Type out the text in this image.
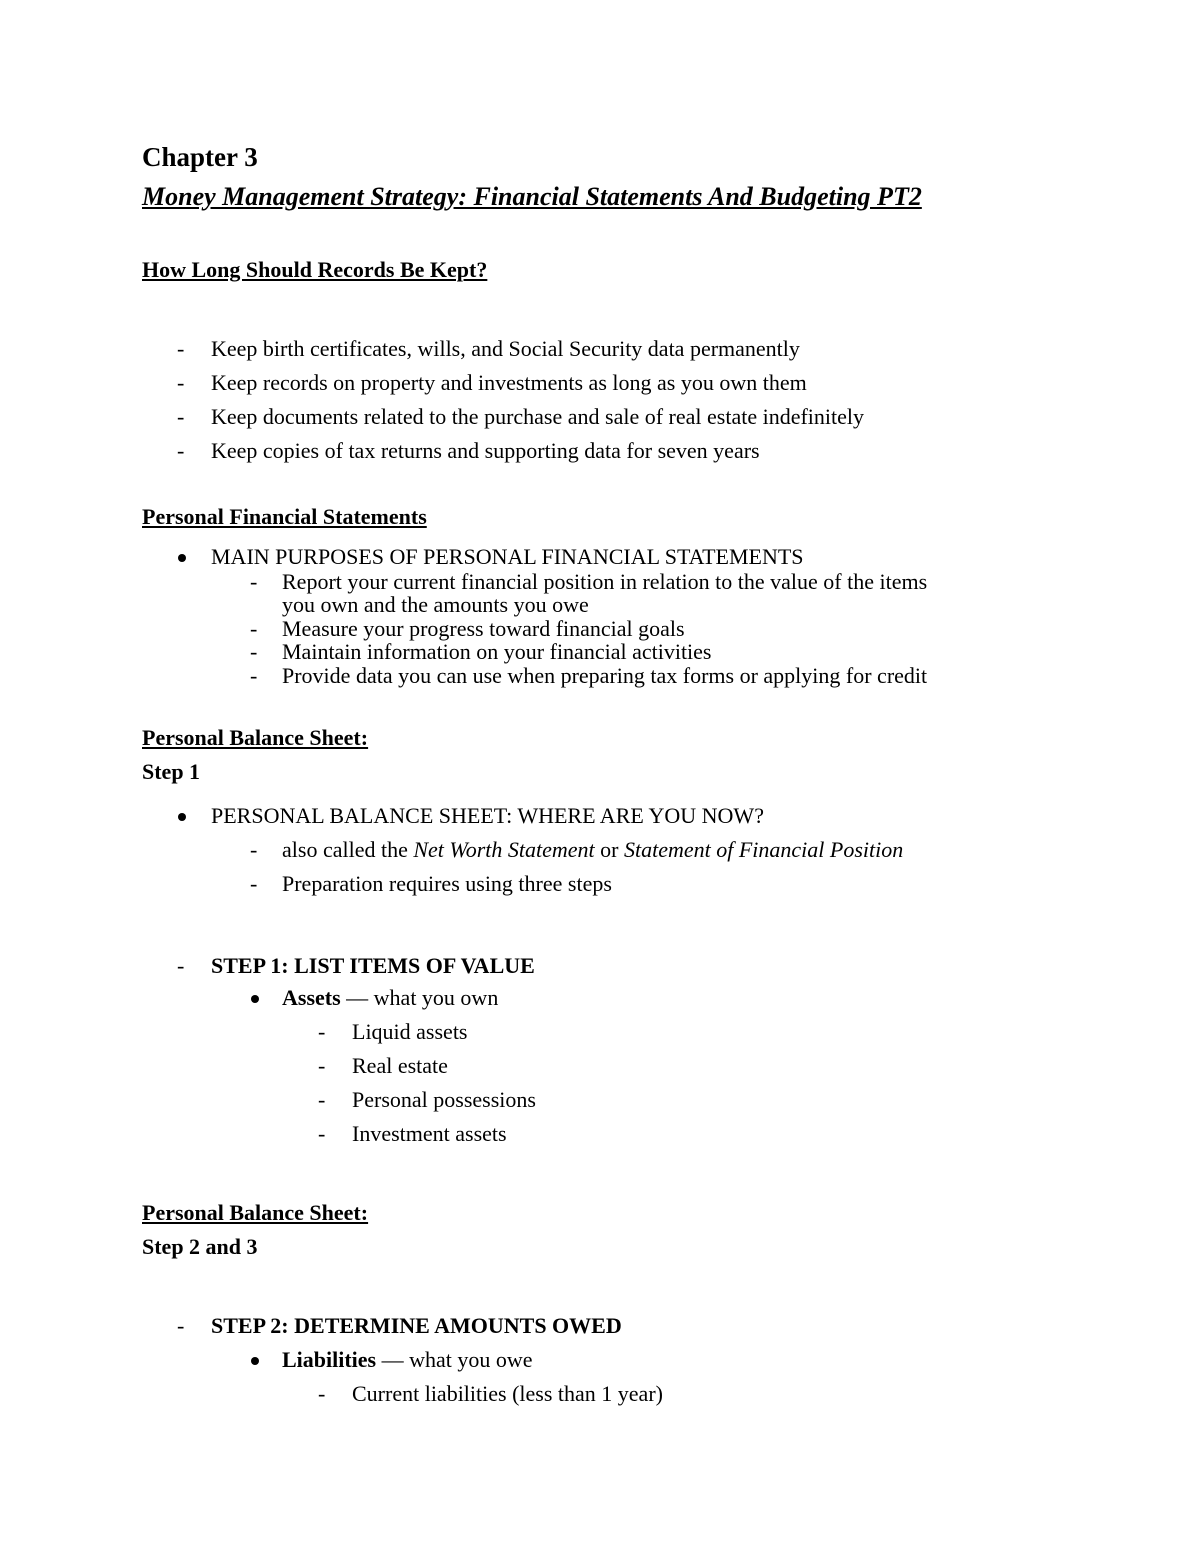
Chapter 3
Money Management Strategy: Financial Statements And Budgeting PT2
How Long Should Records Be Kept?
- Keep birth certificates, wills, and Social Security data permanently
- Keep records on property and investments as long as you own them
- Keep documents related to the purchase and sale of real estate indefinitely
- Keep copies of tax returns and supporting data for seven years
Personal Financial Statements
MAIN PURPOSES OF PERSONAL FINANCIAL STATEMENTS
- Report your current financial position in relation to the value of the items
you own and the amounts you owe
- Measure your progress toward financial goals
- Maintain information on your financial activities
- Provide data you can use when preparing tax forms or applying for credit
Personal Balance Sheet:
Step 1
PERSONAL BALANCE SHEET: WHERE ARE YOU NOW?
- also called the Net Worth Statement or Statement of Financial Position
- Preparation requires using three steps
- STEP 1: LIST ITEMS OF VALUE
Assets — what you own
- Liquid assets
- Real estate
- Personal possessions
- Investment assets
Personal Balance Sheet:
Step 2 and 3
- STEP 2: DETERMINE AMOUNTS OWED
Liabilities — what you owe
- Current liabilities (less than 1 year)
